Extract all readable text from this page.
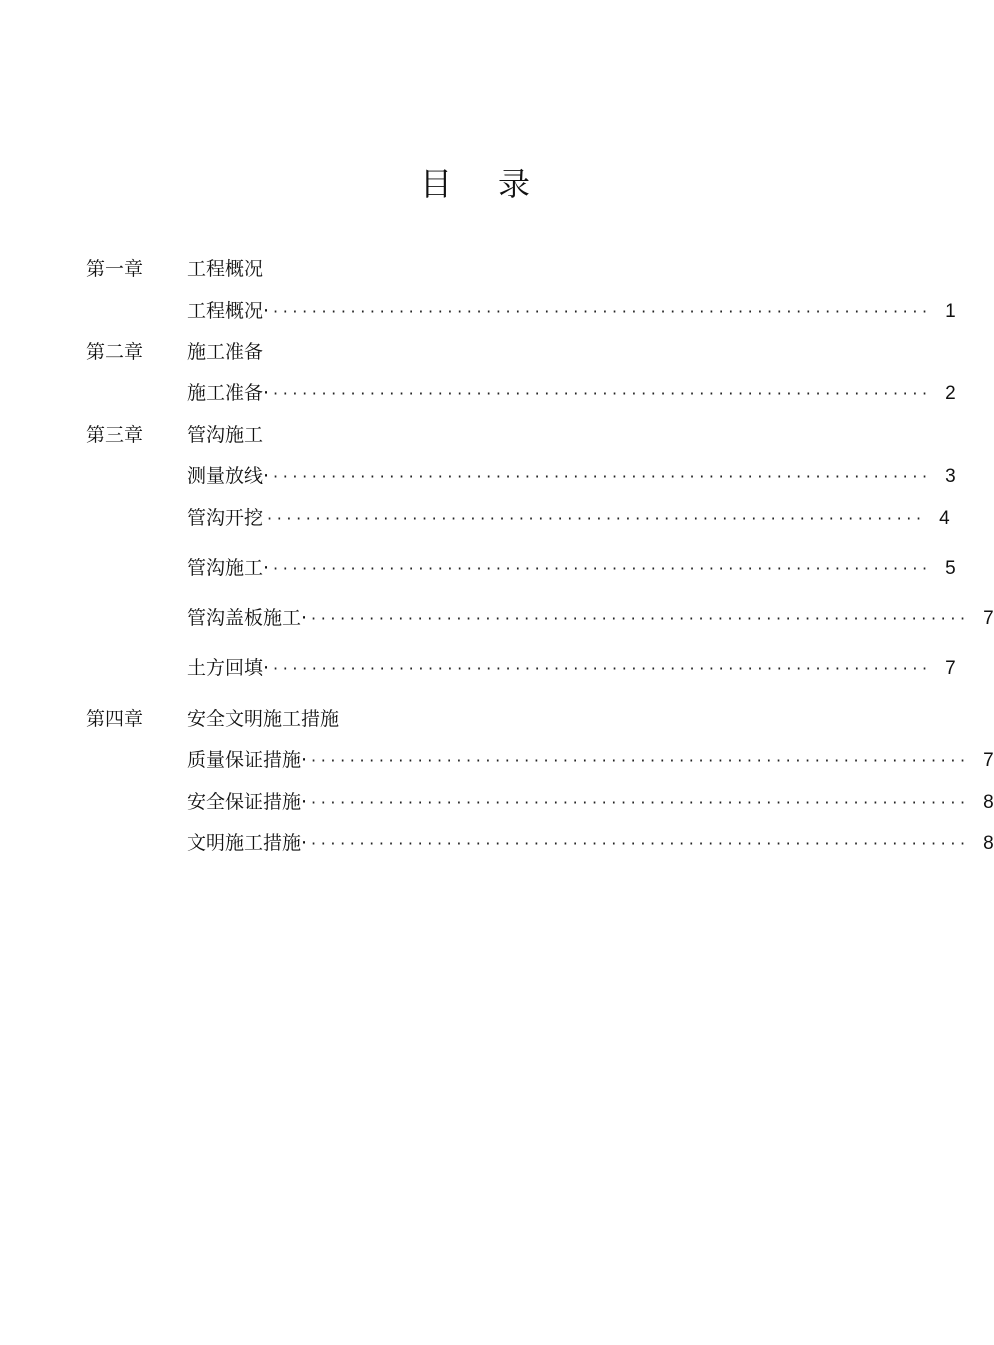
目 录
第一章	工程概况
工程概况· ···································································· 1
第二章	施工准备
施工准备· ···································································· 2
第三章	管沟施工
测量放线· ···································································· 3
管沟开挖 ···································································· 4
管沟施工· ···································································· 5
管沟盖板施工· ···································································· 7
土方回填· ···································································· 7
第四章	安全文明施工措施
质量保证措施· ···································································· 7
安全保证措施· ···································································· 8
文明施工措施· ···································································· 8
